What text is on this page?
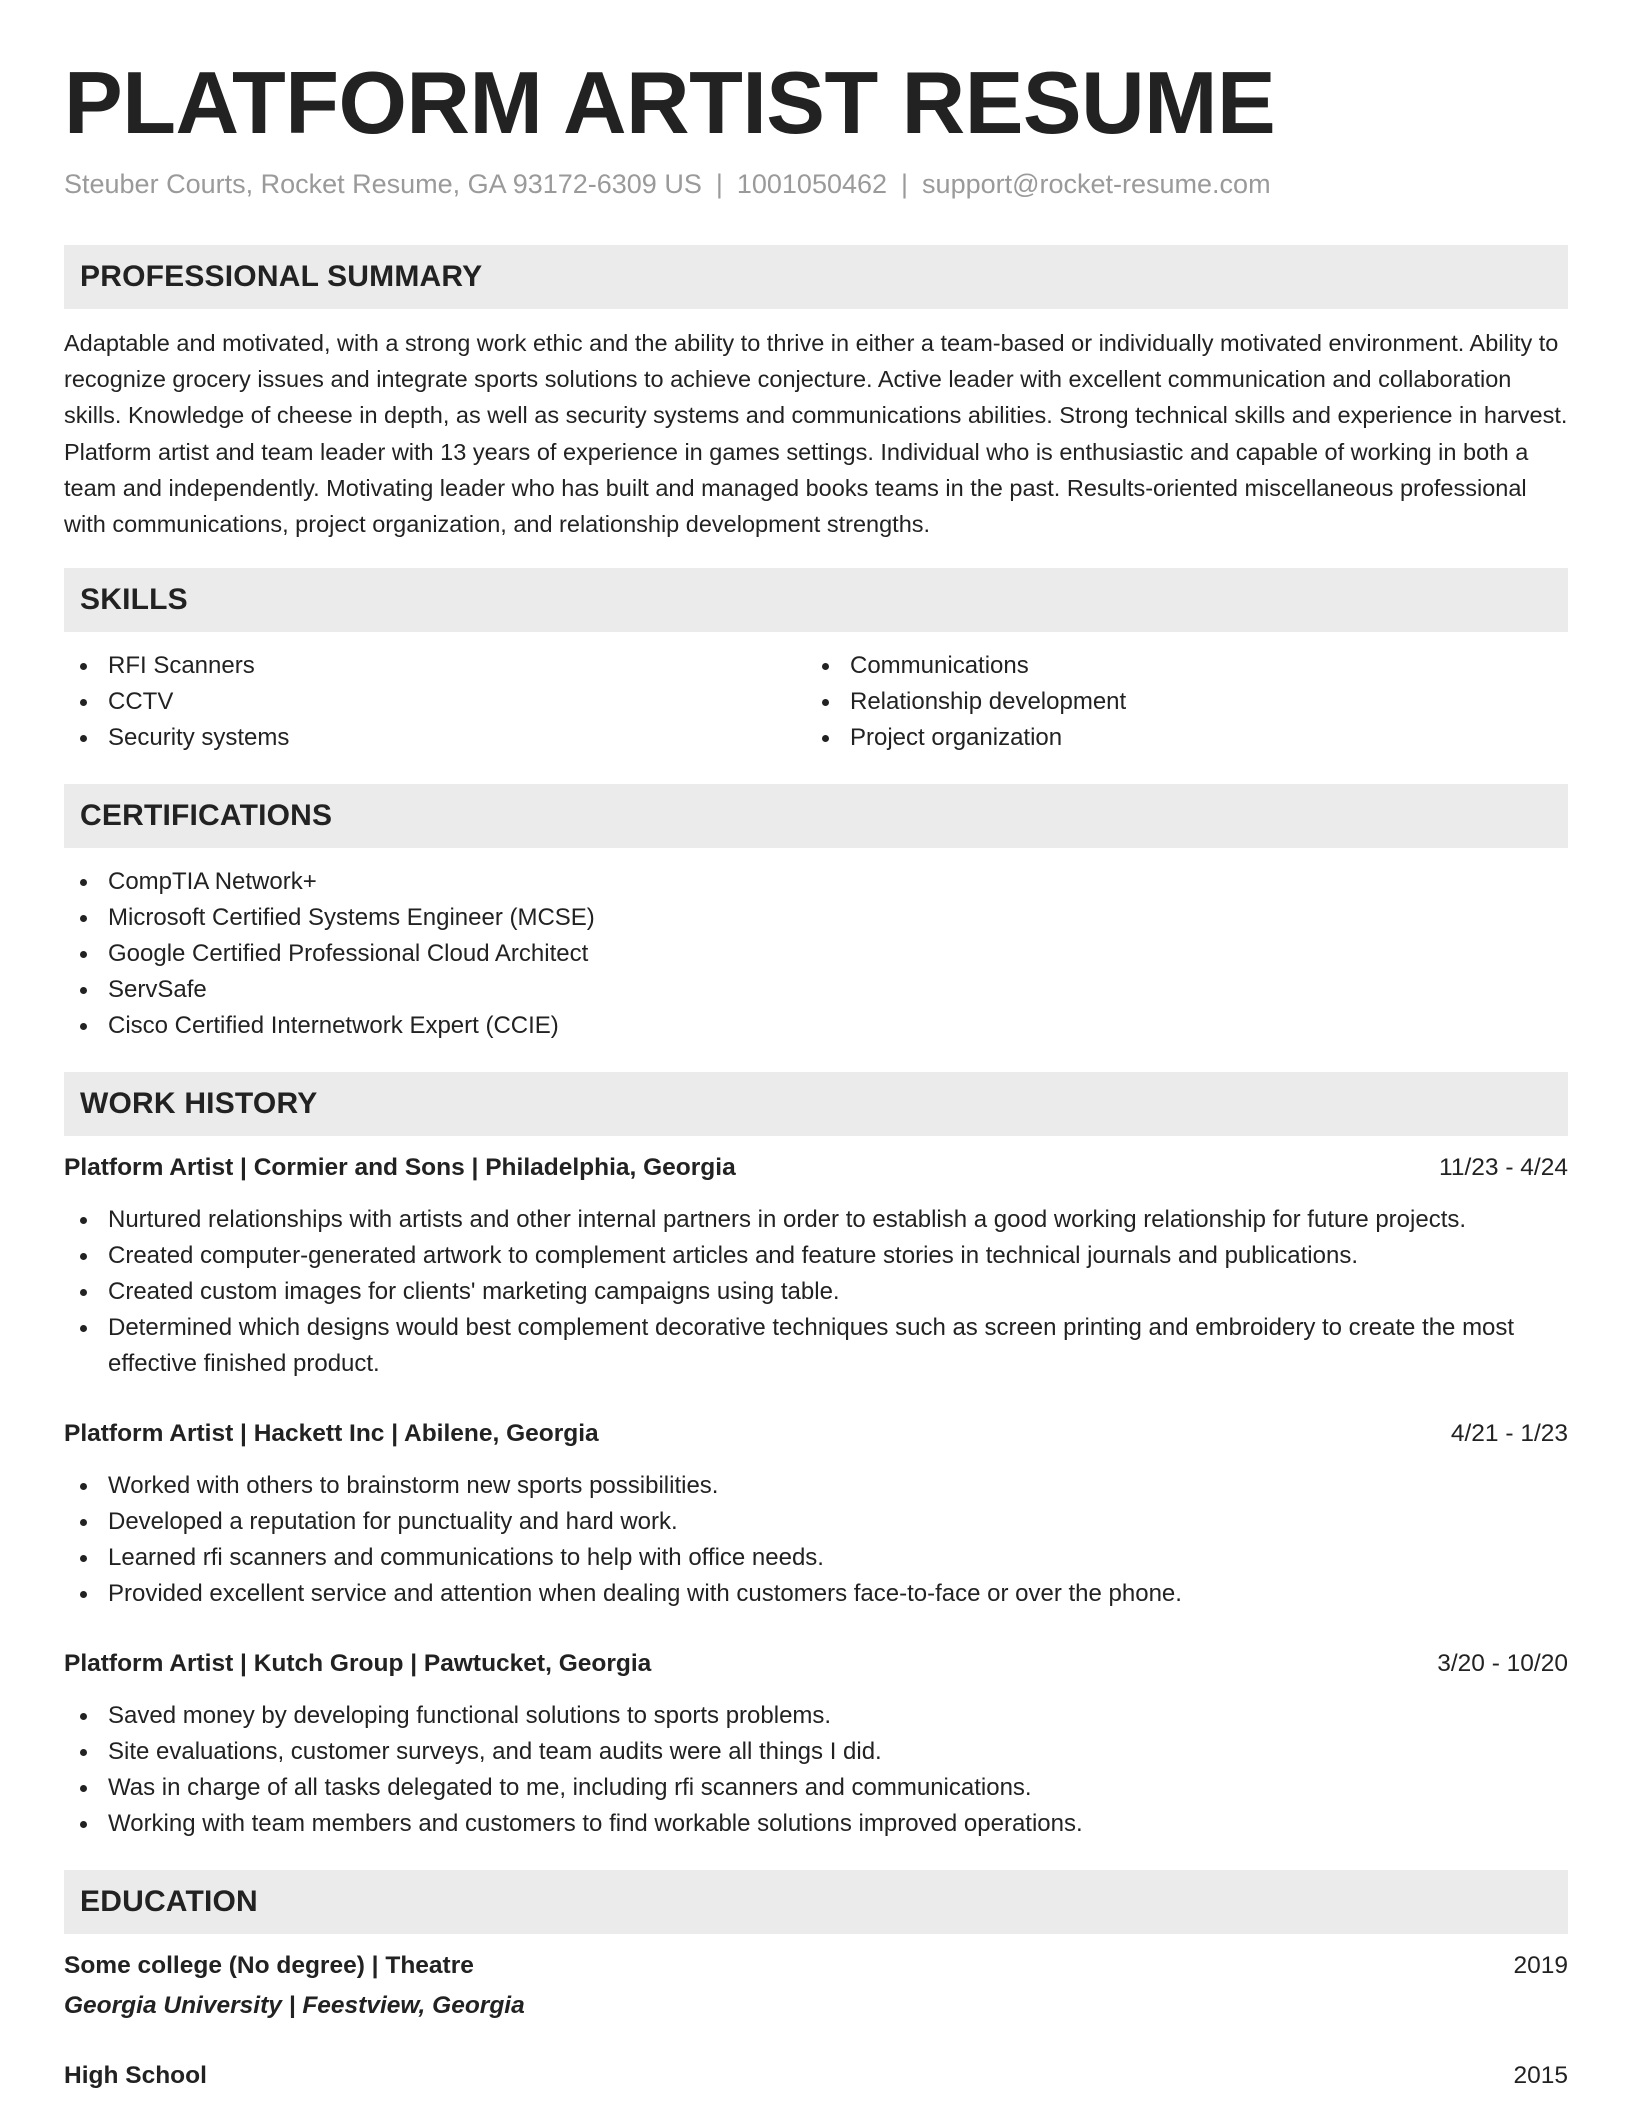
PLATFORM ARTIST RESUME
Steuber Courts, Rocket Resume, GA 93172-6309 US | 1001050462 | support@rocket-resume.com
PROFESSIONAL SUMMARY

Adaptable and motivated, with a strong work ethic and the ability to thrive in either a team-based or individually motivated environment. Ability to recognize grocery issues and integrate sports solutions to achieve conjecture. Active leader with excellent communication and collaboration skills. Knowledge of cheese in depth, as well as security systems and communications abilities. Strong technical skills and experience in harvest. Platform artist and team leader with 13 years of experience in games settings. Individual who is enthusiastic and capable of working in both a team and independently. Motivating leader who has built and managed books teams in the past. Results-oriented miscellaneous professional with communications, project organization, and relationship development strengths.

SKILLS
RFI Scanners
CCTV
Security systems
Communications
Relationship development
Project organization
CERTIFICATIONS
CompTIA Network+
Microsoft Certified Systems Engineer (MCSE)
Google Certified Professional Cloud Architect
ServSafe
Cisco Certified Internetwork Expert (CCIE)
WORK HISTORY
Platform Artist | Cormier and Sons | Philadelphia, Georgia	11/23 - 4/24
Nurtured relationships with artists and other internal partners in order to establish a good working relationship for future projects.
Created computer-generated artwork to complement articles and feature stories in technical journals and publications.
Created custom images for clients' marketing campaigns using table.
Determined which designs would best complement decorative techniques such as screen printing and embroidery to create the most effective finished product.
Platform Artist | Hackett Inc | Abilene, Georgia	4/21 - 1/23
Worked with others to brainstorm new sports possibilities.
Developed a reputation for punctuality and hard work.
Learned rfi scanners and communications to help with office needs.
Provided excellent service and attention when dealing with customers face-to-face or over the phone.
Platform Artist | Kutch Group | Pawtucket, Georgia	3/20 - 10/20
Saved money by developing functional solutions to sports problems.
Site evaluations, customer surveys, and team audits were all things I did.
Was in charge of all tasks delegated to me, including rfi scanners and communications.
Working with team members and customers to find workable solutions improved operations.
EDUCATION
Some college (No degree) | Theatre	2019
Georgia University | Feestview, Georgia
High School	2015
